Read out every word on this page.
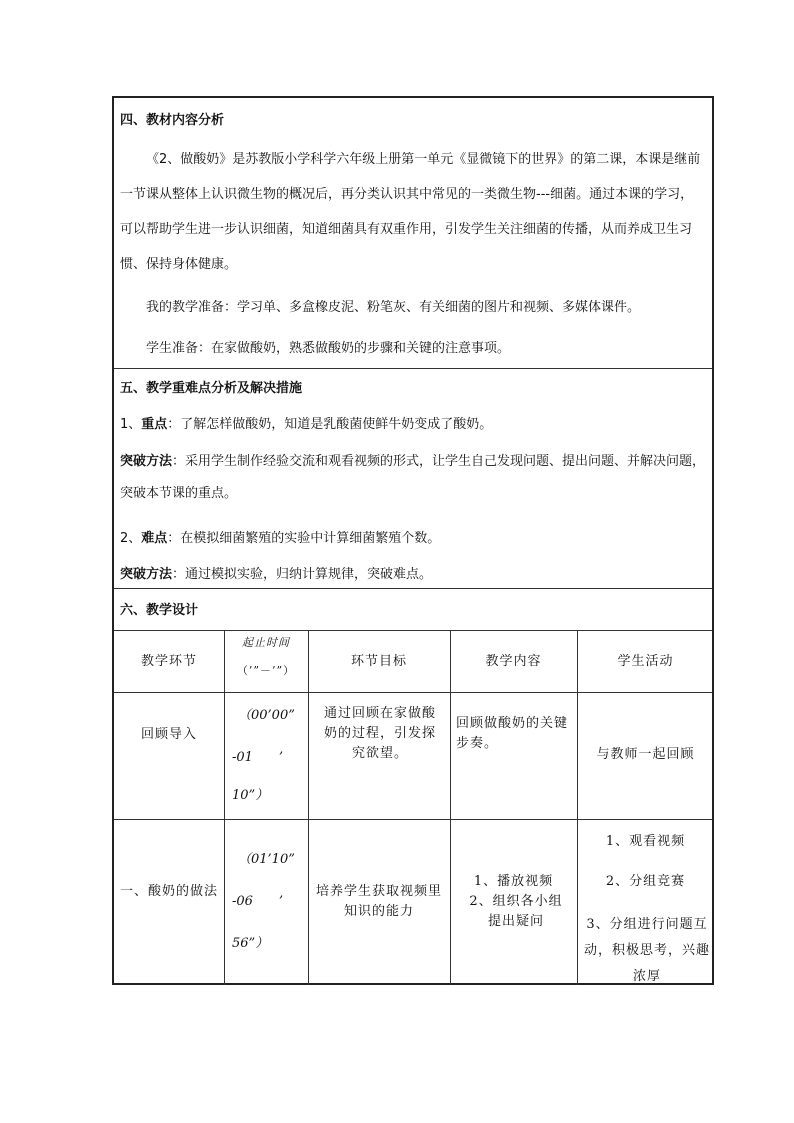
四、教材内容分析
《2、做酸奶》是苏教版小学科学六年级上册第一单元《显微镜下的世界》的第二课，本课是继前一节课从整体上认识微生物的概况后，再分类认识其中常见的一类微生物---细菌。通过本课的学习，可以帮助学生进一步认识细菌，知道细菌具有双重作用，引发学生关注细菌的传播，从而养成卫生习惯、保持身体健康。
我的教学准备：学习单、多盒橡皮泥、粉笔灰、有关细菌的图片和视频、多媒体课件。
学生准备：在家做酸奶，熟悉做酸奶的步骤和关键的注意事项。
五、教学重难点分析及解决措施
1、重点：了解怎样做酸奶，知道是乳酸菌使鲜牛奶变成了酸奶。
突破方法：采用学生制作经验交流和观看视频的形式，让学生自己发现问题、提出问题、并解决问题，突破本节课的重点。
2、难点：在模拟细菌繁殖的实验中计算细菌繁殖个数。
突破方法：通过模拟实验，归纳计算规律，突破难点。
六、教学设计
教学环节
起止时间
（’”－’”）
环节目标	教学内容	学生活动
回顾导入
（00’00”
-01　　’
10”）
通过回顾在家做酸奶的过程，引发探究欲望。
回顾做酸奶的关键步奏。
与教师一起回顾
一、酸奶的做法
（01’10”
-06　　’
56”）
培养学生获取视频里知识的能力
1、播放视频
2、组织各小组提出疑问
1、观看视频
2、分组竞赛
3、分组进行问题互动，积极思考，兴趣浓厚
